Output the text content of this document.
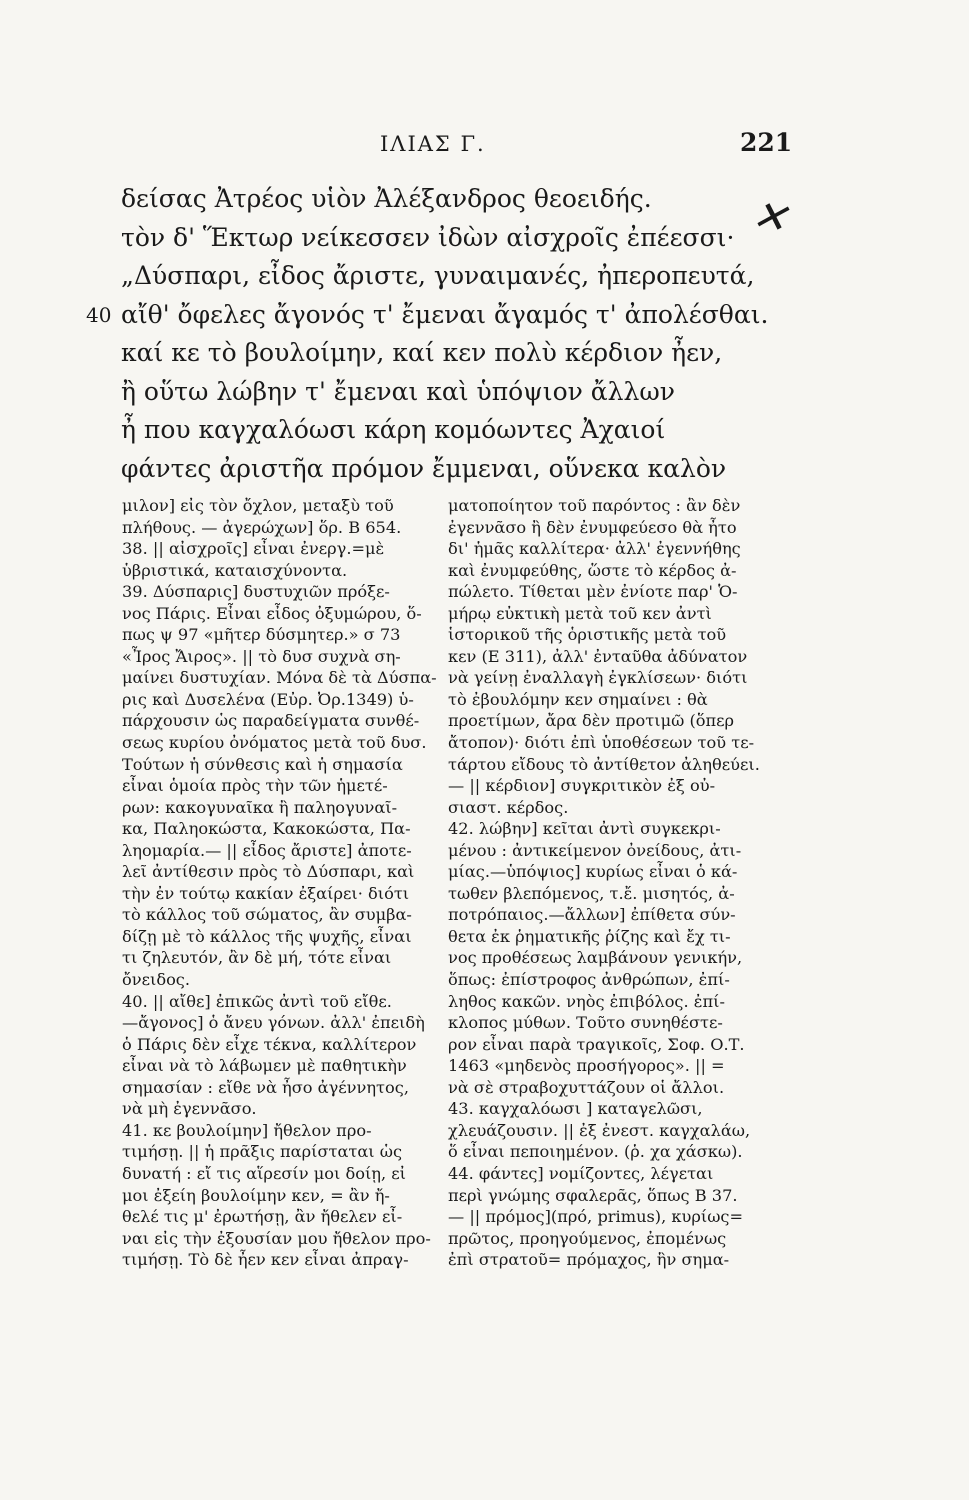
ΙΛΙΑΣ Γ.	221
✕
δείσας Ἀτρέος υἱὸν Ἀλέξανδρος θεοειδής.
τὸν δ' Ἕκτωρ νείκεσσεν ἰδὼν αἰσχροῖς ἐπέεσσι·
„Δύσπαρι, εἶδος ἄριστε, γυναιμανές, ἠπεροπευτά,
40 αἴθ' ὄφελες ἄγονός τ' ἔμεναι ἄγαμός τ' ἀπολέσθαι.
καί κε τὸ βουλοίμην, καί κεν πολὺ κέρδιον ἦεν,
ἢ οὕτω λώβην τ' ἔμεναι καὶ ὑπόψιον ἄλλων
ἦ που καγχαλόωσι κάρη κομόωντες Ἀχαιοί
φάντες ἀριστῆα πρόμον ἔμμεναι, οὕνεκα καλὸν
μιλον] εἰς τὸν ὄχλον, μεταξὺ τοῦ
πλήθους. — ἀγερώχων] ὅρ. Β 654.
38. || αἰσχροῖς] εἶναι ἐνεργ.=μὲ
ὑβριστικά, καταισχύνοντα.
39. Δύσπαρις] δυστυχιῶν πρόξε-
νος Πάρις. Εἶναι εἶδος ὀξυμώρου, ὅ-
πως ψ 97 «μῆτερ δύσμητερ.» σ 73
«Ἶρος Ἄιρος». || τὸ δυσ συχνὰ ση-
μαίνει δυστυχίαν. Μόνα δὲ τὰ Δύσπα-
ρις καὶ Δυσελένα (Εὐρ. Ὀρ.1349) ὑ-
πάρχουσιν ὡς παραδείγματα συνθέ-
σεως κυρίου ὀνόματος μετὰ τοῦ δυσ.
Τούτων ἡ σύνθεσις καὶ ἡ σημασία
εἶναι ὁμοία πρὸς τὴν τῶν ἡμετέ-
ρων: κακογυναῖκα ἢ παληογυναῖ-
κα, Παληοκώστα, Κακοκώστα, Πα-
ληομαρία.— || εἶδος ἄριστε] ἀποτε-
λεῖ ἀντίθεσιν πρὸς τὸ Δύσπαρι, καὶ
τὴν ἐν τούτῳ κακίαν ἐξαίρει· διότι
τὸ κάλλος τοῦ σώματος, ἂν συμβα-
δίζῃ μὲ τὸ κάλλος τῆς ψυχῆς, εἶναι
τι ζηλευτόν, ἂν δὲ μή, τότε εἶναι
ὄνειδος.
40. || αἴθε] ἐπικῶς ἀντὶ τοῦ εἴθε.
—ἄγονος] ὁ ἄνευ γόνων. ἀλλ' ἐπειδὴ
ὁ Πάρις δὲν εἶχε τέκνα, καλλίτερον
εἶναι νὰ τὸ λάβωμεν μὲ παθητικὴν
σημασίαν : εἴθε νὰ ἦσο ἀγέννητος,
νὰ μὴ ἐγεννᾶσο.
41. κε βουλοίμην] ἤθελον προ-
τιμήσῃ. || ἡ πρᾶξις παρίσταται ὡς
δυνατή : εἴ τις αἵρεσίν μοι δοίῃ, εἰ
μοι ἐξείη βουλοίμην κεν, = ἂν ἤ-
θελέ τις μ' ἐρωτήσῃ, ἂν ἤθελεν εἶ-
ναι εἰς τὴν ἐξουσίαν μου ἤθελον προ-
τιμήσῃ. Τὸ δὲ ἦεν κεν εἶναι ἀπραγ-
ματοποίητον τοῦ παρόντος : ἂν δὲν
ἐγεννᾶσο ἢ δὲν ἐνυμφεύεσο θὰ ἦτο
δι' ἡμᾶς καλλίτερα· ἀλλ' ἐγεννήθης
καὶ ἐνυμφεύθης, ὥστε τὸ κέρδος ἀ-
πώλετο. Τίθεται μὲν ἐνίοτε παρ' Ὁ-
μήρῳ εὐκτικὴ μετὰ τοῦ κεν ἀντὶ
ἱστορικοῦ τῆς ὁριστικῆς μετὰ τοῦ
κεν (Ε 311), ἀλλ' ἐνταῦθα ἀδύνατον
νὰ γείνῃ ἐναλλαγὴ ἐγκλίσεων· διότι
τὸ ἐβουλόμην κεν σημαίνει : θὰ
προετίμων, ἄρα δὲν προτιμῶ (ὅπερ
ἄτοπον)· διότι ἐπὶ ὑποθέσεων τοῦ τε-
τάρτου εἴδους τὸ ἀντίθετον ἀληθεύει.
— || κέρδιον] συγκριτικὸν ἐξ οὐ-
σιαστ. κέρδος.
42. λώβην] κεῖται ἀντὶ συγκεκρι-
μένου : ἀντικείμενον ὀνείδους, ἀτι-
μίας.—ὑπόψιος] κυρίως εἶναι ὁ κά-
τωθεν βλεπόμενος, τ.ἔ. μισητός, ἀ-
ποτρόπαιος.—ἄλλων] ἐπίθετα σύν-
θετα ἐκ ῥηματικῆς ῥίζης καὶ ἔχ τι-
νος προθέσεως λαμβάνουν γενικήν,
ὅπως: ἐπίστροφος ἀνθρώπων, ἐπί-
ληθος κακῶν. νηὸς ἐπιβόλος. ἐπί-
κλοπος μύθων. Τοῦτο συνηθέστε-
ρον εἶναι παρὰ τραγικοῖς, Σοφ. Ο.Τ.
1463 «μηδενὸς προσήγορος». || =
νὰ σὲ στραβοχυττάζουν οἱ ἄλλοι.
43. καγχαλόωσι ] καταγελῶσι,
χλευάζουσιν. || ἐξ ἐνεστ. καγχαλάω,
ὅ εἶναι πεποιημένον. (ῥ. χα χάσκω).
44. φάντες] νομίζοντες, λέγεται
περὶ γνώμης σφαλερᾶς, ὅπως Β 37.
— || πρόμος](πρό, primus), κυρίως=
πρῶτος, προηγούμενος, ἐπομένως
ἐπὶ στρατοῦ= πρόμαχος, ἣν σημα-
